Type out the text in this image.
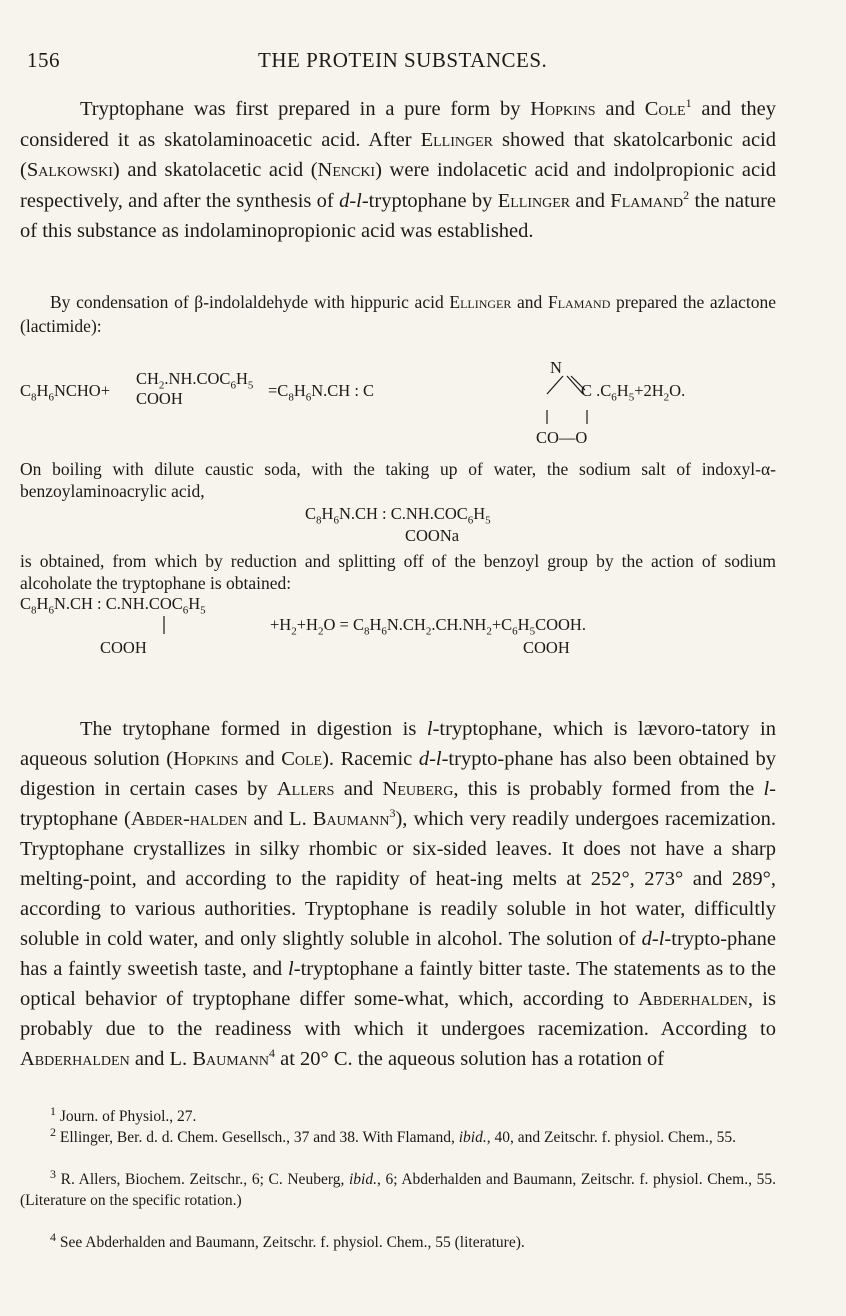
156	THE PROTEIN SUBSTANCES.

Tryptophane was first prepared in a pure form by Hopkins and Cole$^1$ and they considered it as skatolaminoacetic acid. After Ellinger showed that skatolcarbonic acid (Salkowski) and skatolacetic acid (Nencki) were indolacetic acid and indolpropionic acid respectively, and after the synthesis of d-l-tryptophane by Ellinger and Flamand$^2$ the nature of this substance as indolaminopropionic acid was established.

By condensation of β-indolaldehyde with hippuric acid Ellinger and Flamand prepared the azlactone (lactimide):

$C_8H_6NCHO+$
$CH_2.NH.COC_6H_5$
COOH	$=C_8H_6N.CH$ : C
N
C $.C_6H_5+2H_2O$.
CO—O
On boiling with dilute caustic soda, with the taking up of water, the sodium salt of indoxyl-α-benzoylaminoacrylic acid,
$C_8H_6N.CH$ : $C.NH.COC_6H_5$
COONa
is obtained, from which by reduction and splitting off of the benzoyl group by the action of sodium alcoholate the tryptophane is obtained:
$C_8H_6N.CH$ : $C.NH.COC_6H_5$
$+H_2+H_2O$ = $C_8H_6N.CH_2.CH.NH_2+C_6H_5COOH$.
COOH	COOH

The trytophane formed in digestion is l-tryptophane, which is lævoro-tatory in aqueous solution (Hopkins and Cole). Racemic d-l-trypto-phane has also been obtained by digestion in certain cases by Allers and Neuberg, this is probably formed from the l-tryptophane (Abder-halden and L. Baumann$^3$), which very readily undergoes racemization. Tryptophane crystallizes in silky rhombic or six-sided leaves. It does not have a sharp melting-point, and according to the rapidity of heat-ing melts at 252°, 273° and 289°, according to various authorities. Tryptophane is readily soluble in hot water, difficultly soluble in cold water, and only slightly soluble in alcohol. The solution of d-l-trypto-phane has a faintly sweetish taste, and l-tryptophane a faintly bitter taste. The statements as to the optical behavior of tryptophane differ some-what, which, according to Abderhalden, is probably due to the readiness with which it undergoes racemization. According to Abderhalden and L. Baumann$^4$ at 20° C. the aqueous solution has a rotation of

$^1$ Journ. of Physiol., 27.
$^2$ Ellinger, Ber. d. d. Chem. Gesellsch., 37 and 38. With Flamand, ibid., 40, and Zeitschr. f. physiol. Chem., 55.
$^3$ R. Allers, Biochem. Zeitschr., 6; C. Neuberg, ibid., 6; Abderhalden and Baumann, Zeitschr. f. physiol. Chem., 55. (Literature on the specific rotation.)
$^4$ See Abderhalden and Baumann, Zeitschr. f. physiol. Chem., 55 (literature).
